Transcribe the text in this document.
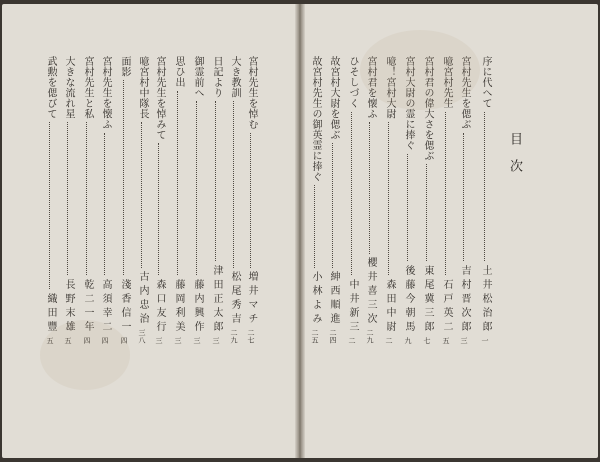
宮村先生を悼む
増井マチ二七
大き教訓
松尾秀吉二九
日記より
津田正太郎三
御霊前へ
藤内興作三
思ひ出
藤岡利美三
宮村先生を悼みて
森口友行三
噫宮村中隊長
古内忠治三八
面影
淺香信一四
宮村先生を懐ふ
高須幸二四
宮村先生と私
乾二一年四
大きな流れ星
長野末雄五
武勲を偲びて
織田豐五
目次
序に代へて
土井松治郎一
宮村先生を偲ぶ
吉村晋次郎三
噫宮村先生
石戸英二五
宮村君の偉大さを偲ぶ
東尾冀三郎七
宮村大尉の霊に捧ぐ
後藤今朝馬九
噫！宮村大尉
森田中尉二
宮村君を懐ふ
櫻井喜三次二九
ひそしづく
中井新三二
故宮村大尉を偲ぶ
紳西順進二四
故宮村先生の御英霊に捧ぐ
小林よみ二五
